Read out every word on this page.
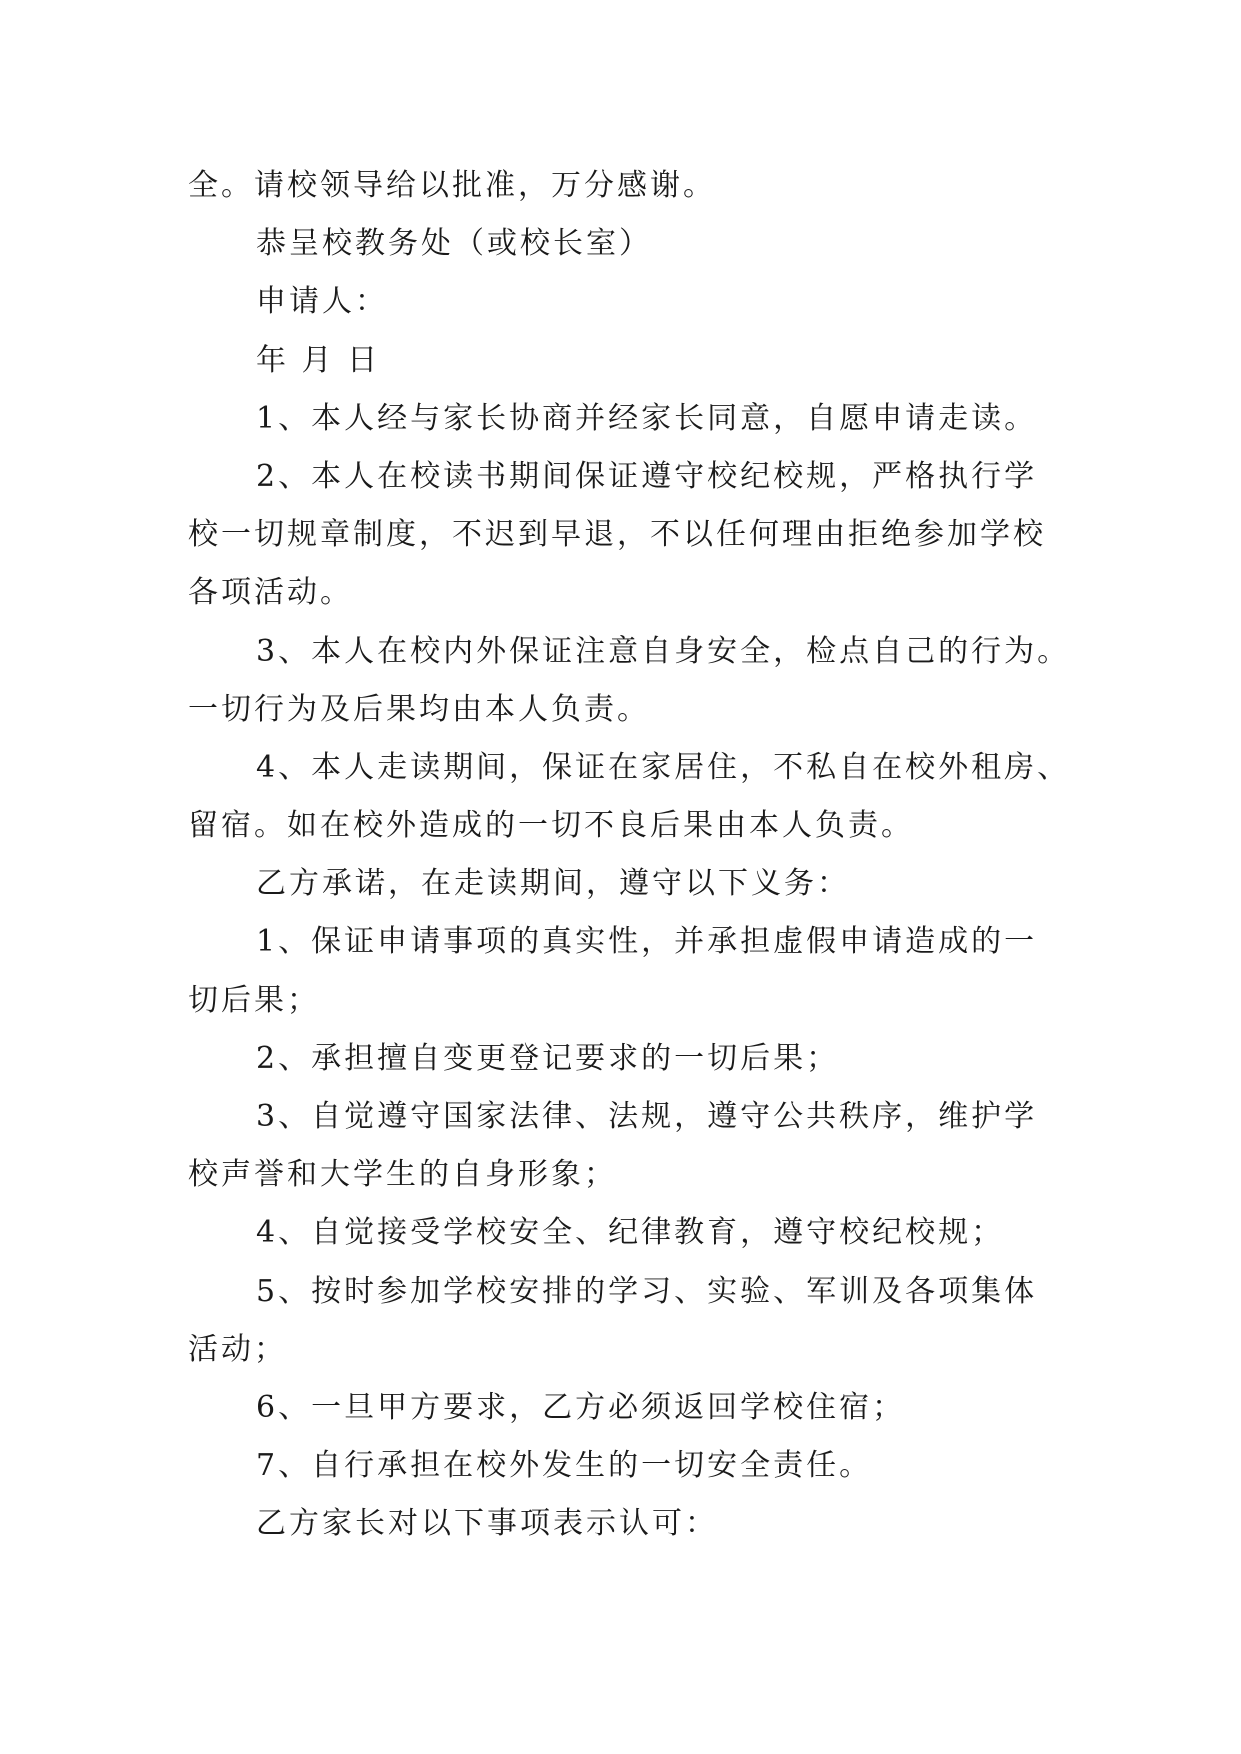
全。请校领导给以批准，万分感谢。
恭呈校教务处（或校长室）
申请人：
年 月 日
1、本人经与家长协商并经家长同意，自愿申请走读。
2、本人在校读书期间保证遵守校纪校规，严格执行学
校一切规章制度，不迟到早退，不以任何理由拒绝参加学校
各项活动。
3、本人在校内外保证注意自身安全，检点自己的行为。
一切行为及后果均由本人负责。
4、本人走读期间，保证在家居住，不私自在校外租房、
留宿。如在校外造成的一切不良后果由本人负责。
乙方承诺，在走读期间，遵守以下义务：
1、保证申请事项的真实性，并承担虚假申请造成的一
切后果；
2、承担擅自变更登记要求的一切后果；
3、自觉遵守国家法律、法规，遵守公共秩序，维护学
校声誉和大学生的自身形象；
4、自觉接受学校安全、纪律教育，遵守校纪校规；
5、按时参加学校安排的学习、实验、军训及各项集体
活动；
6、一旦甲方要求，乙方必须返回学校住宿；
7、自行承担在校外发生的一切安全责任。
乙方家长对以下事项表示认可：
